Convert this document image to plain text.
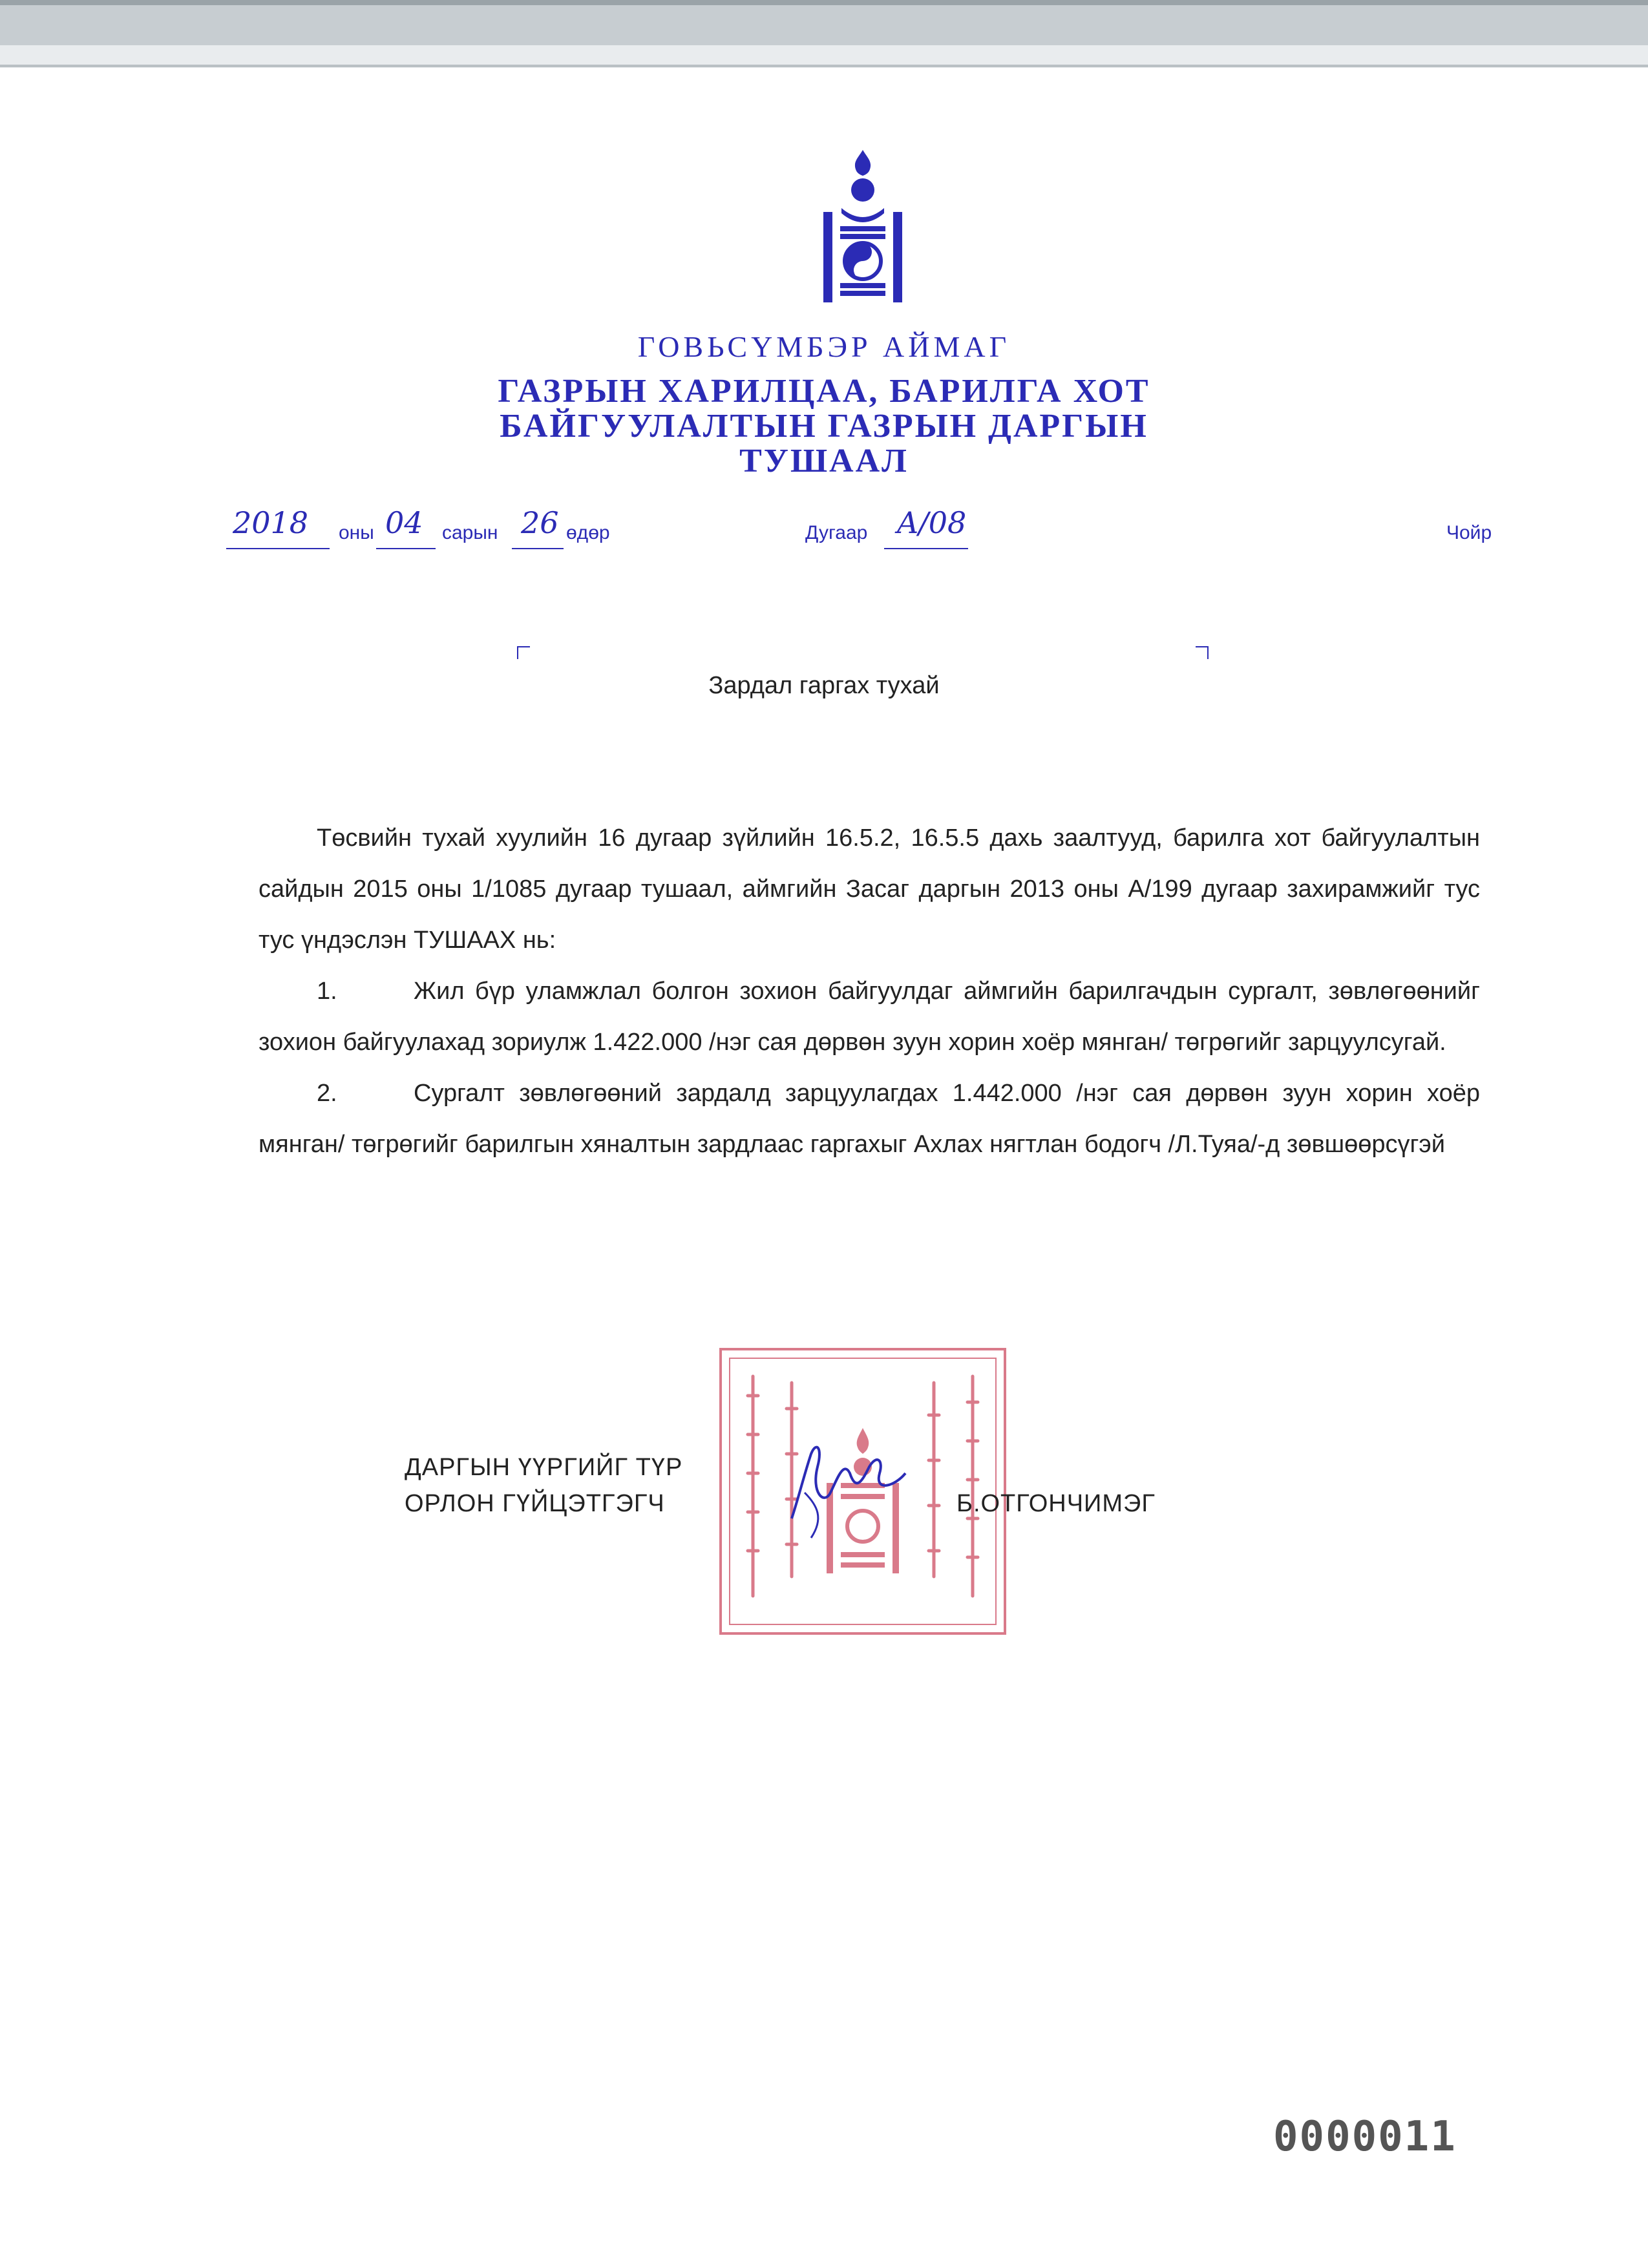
ГОВЬСҮМБЭР АЙМАГ
ГАЗРЫН ХАРИЛЦАА, БАРИЛГА ХОТ
БАЙГУУЛАЛТЫН ГАЗРЫН ДАРГЫН
ТУШААЛ
2018 оны 04 сарын 26 өдөр	Дугаар A/08	Чойр
Зардал гаргах тухай
Төсвийн тухай хуулийн 16 дугаар зүйлийн 16.5.2, 16.5.5 дахь заалтууд, барилга хот байгуулалтын сайдын 2015 оны 1/1085 дугаар тушаал, аймгийн Засаг даргын 2013 оны А/199 дугаар захирамжийг тус тус үндэслэн ТУШААХ нь:
1.	Жил бүр уламжлал болгон зохион байгуулдаг аймгийн барилгачдын сургалт, зөвлөгөөнийг зохион байгуулахад зориулж 1.422.000 /нэг сая дөрвөн зуун хорин хоёр мянган/ төгрөгийг зарцуулсугай.
2.	Сургалт зөвлөгөөний зардалд зарцуулагдах 1.442.000 /нэг сая дөрвөн зуун хорин хоёр мянган/ төгрөгийг барилгын хяналтын зардлаас гаргахыг Ахлах нягтлан бодогч /Л.Туяа/-д зөвшөөрсүгэй
ДАРГЫН ҮҮРГИЙГ ТҮР
ОРЛОН ГҮЙЦЭТГЭГЧ	Б.ОТГОНЧИМЭГ
0000011
